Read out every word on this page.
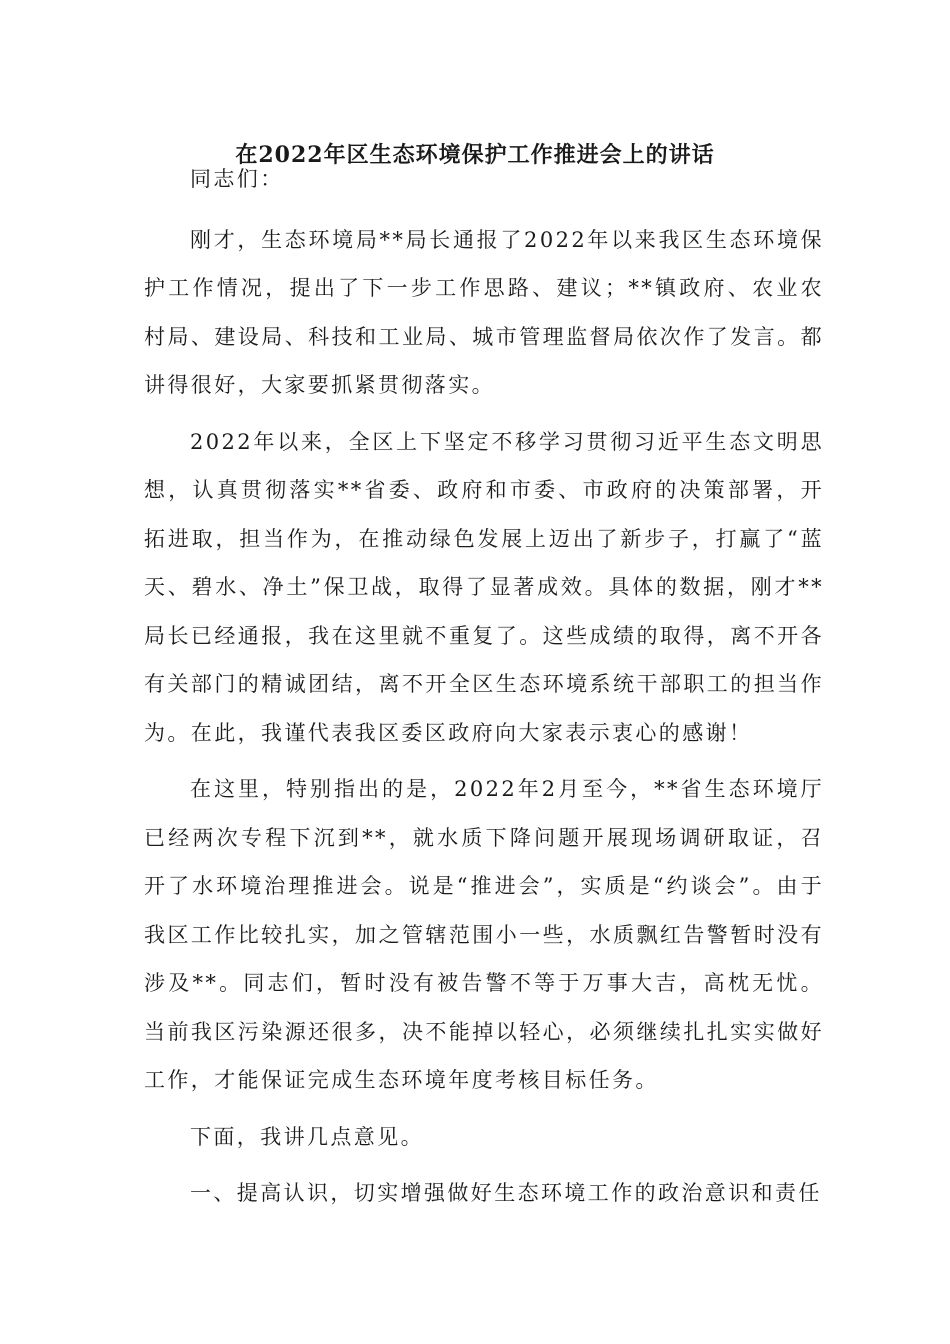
在2022年区生态环境保护工作推进会上的讲话

同志们：

刚才，生态环境局**局长通报了2022年以来我区生态环境保护工作情况，提出了下一步工作思路、建议；**镇政府、农业农村局、建设局、科技和工业局、城市管理监督局依次作了发言。都讲得很好，大家要抓紧贯彻落实。

2022年以来，全区上下坚定不移学习贯彻习近平生态文明思想，认真贯彻落实**省委、政府和市委、市政府的决策部署，开拓进取，担当作为，在推动绿色发展上迈出了新步子，打赢了“蓝天、碧水、净土”保卫战，取得了显著成效。具体的数据，刚才**局长已经通报，我在这里就不重复了。这些成绩的取得，离不开各有关部门的精诚团结，离不开全区生态环境系统干部职工的担当作为。在此，我谨代表我区委区政府向大家表示衷心的感谢！

在这里，特别指出的是，2022年2月至今，**省生态环境厅已经两次专程下沉到**，就水质下降问题开展现场调研取证，召开了水环境治理推进会。说是“推进会”，实质是“约谈会”。由于我区工作比较扎实，加之管辖范围小一些，水质飘红告警暂时没有涉及**。同志们，暂时没有被告警不等于万事大吉，高枕无忧。当前我区污染源还很多，决不能掉以轻心，必须继续扎扎实实做好工作，才能保证完成生态环境年度考核目标任务。

下面，我讲几点意见。

一、提高认识，切实增强做好生态环境工作的政治意识和责任
